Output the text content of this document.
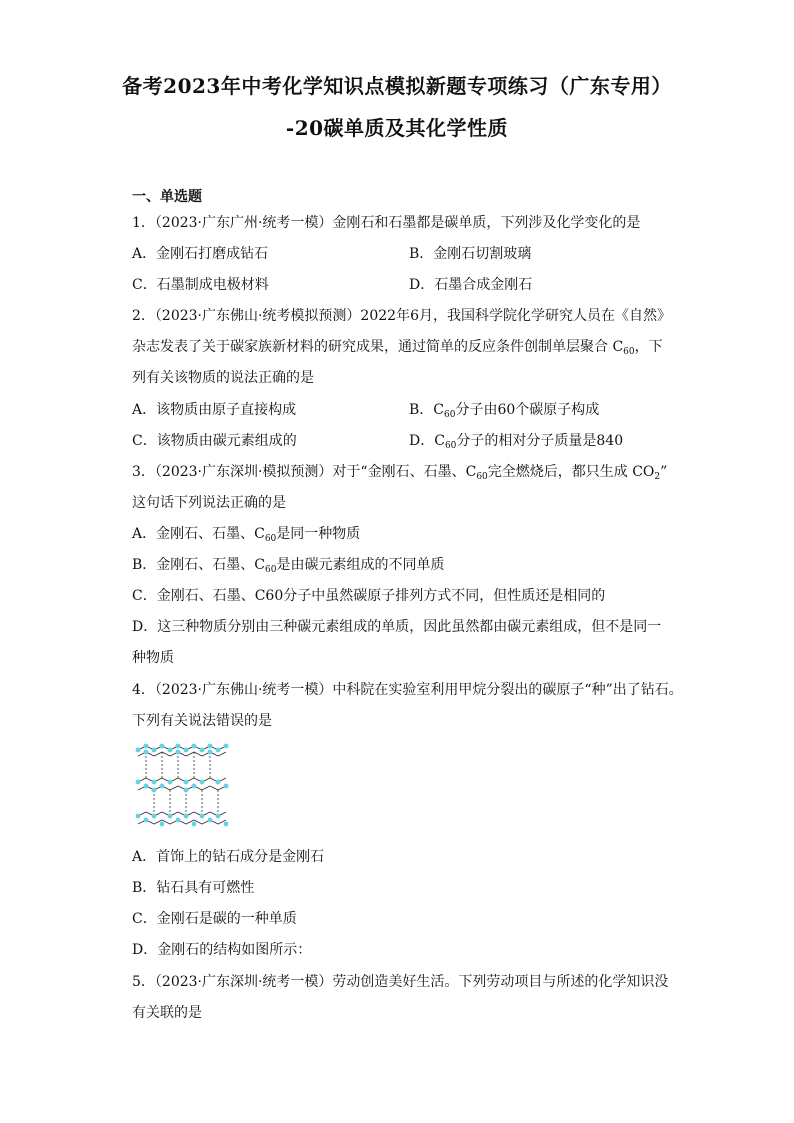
备考2023年中考化学知识点模拟新题专项练习（广东专用）
-20碳单质及其化学性质
一、单选题
1．（2023·广东广州·统考一模）金刚石和石墨都是碳单质，下列涉及化学变化的是
A．金刚石打磨成钻石	B．金刚石切割玻璃
C．石墨制成电极材料	D．石墨合成金刚石
2．（2023·广东佛山·统考模拟预测）2022年6月，我国科学院化学研究人员在《自然》
杂志发表了关于碳家族新材料的研究成果，通过简单的反应条件创制单层聚合 $C_{60}$，下
列有关该物质的说法正确的是
A．该物质由原子直接构成	B．$C_{60}$分子由60个碳原子构成
C．该物质由碳元素组成的	D．$C_{60}$分子的相对分子质量是840
3．（2023·广东深圳·模拟预测）对于“金刚石、石墨、$C_{60}$完全燃烧后，都只生成 $CO_2$”
这句话下列说法正确的是
A．金刚石、石墨、$C_{60}$是同一种物质
B．金刚石、石墨、$C_{60}$是由碳元素组成的不同单质
C．金刚石、石墨、C60分子中虽然碳原子排列方式不同，但性质还是相同的
D．这三种物质分别由三种碳元素组成的单质，因此虽然都由碳元素组成，但不是同一
种物质
4．（2023·广东佛山·统考一模）中科院在实验室利用甲烷分裂出的碳原子“种”出了钻石。
下列有关说法错误的是
A．首饰上的钻石成分是金刚石
B．钻石具有可燃性
C．金刚石是碳的一种单质
D．金刚石的结构如图所示：
5．（2023·广东深圳·统考一模）劳动创造美好生活。下列劳动项目与所述的化学知识没
有关联的是
